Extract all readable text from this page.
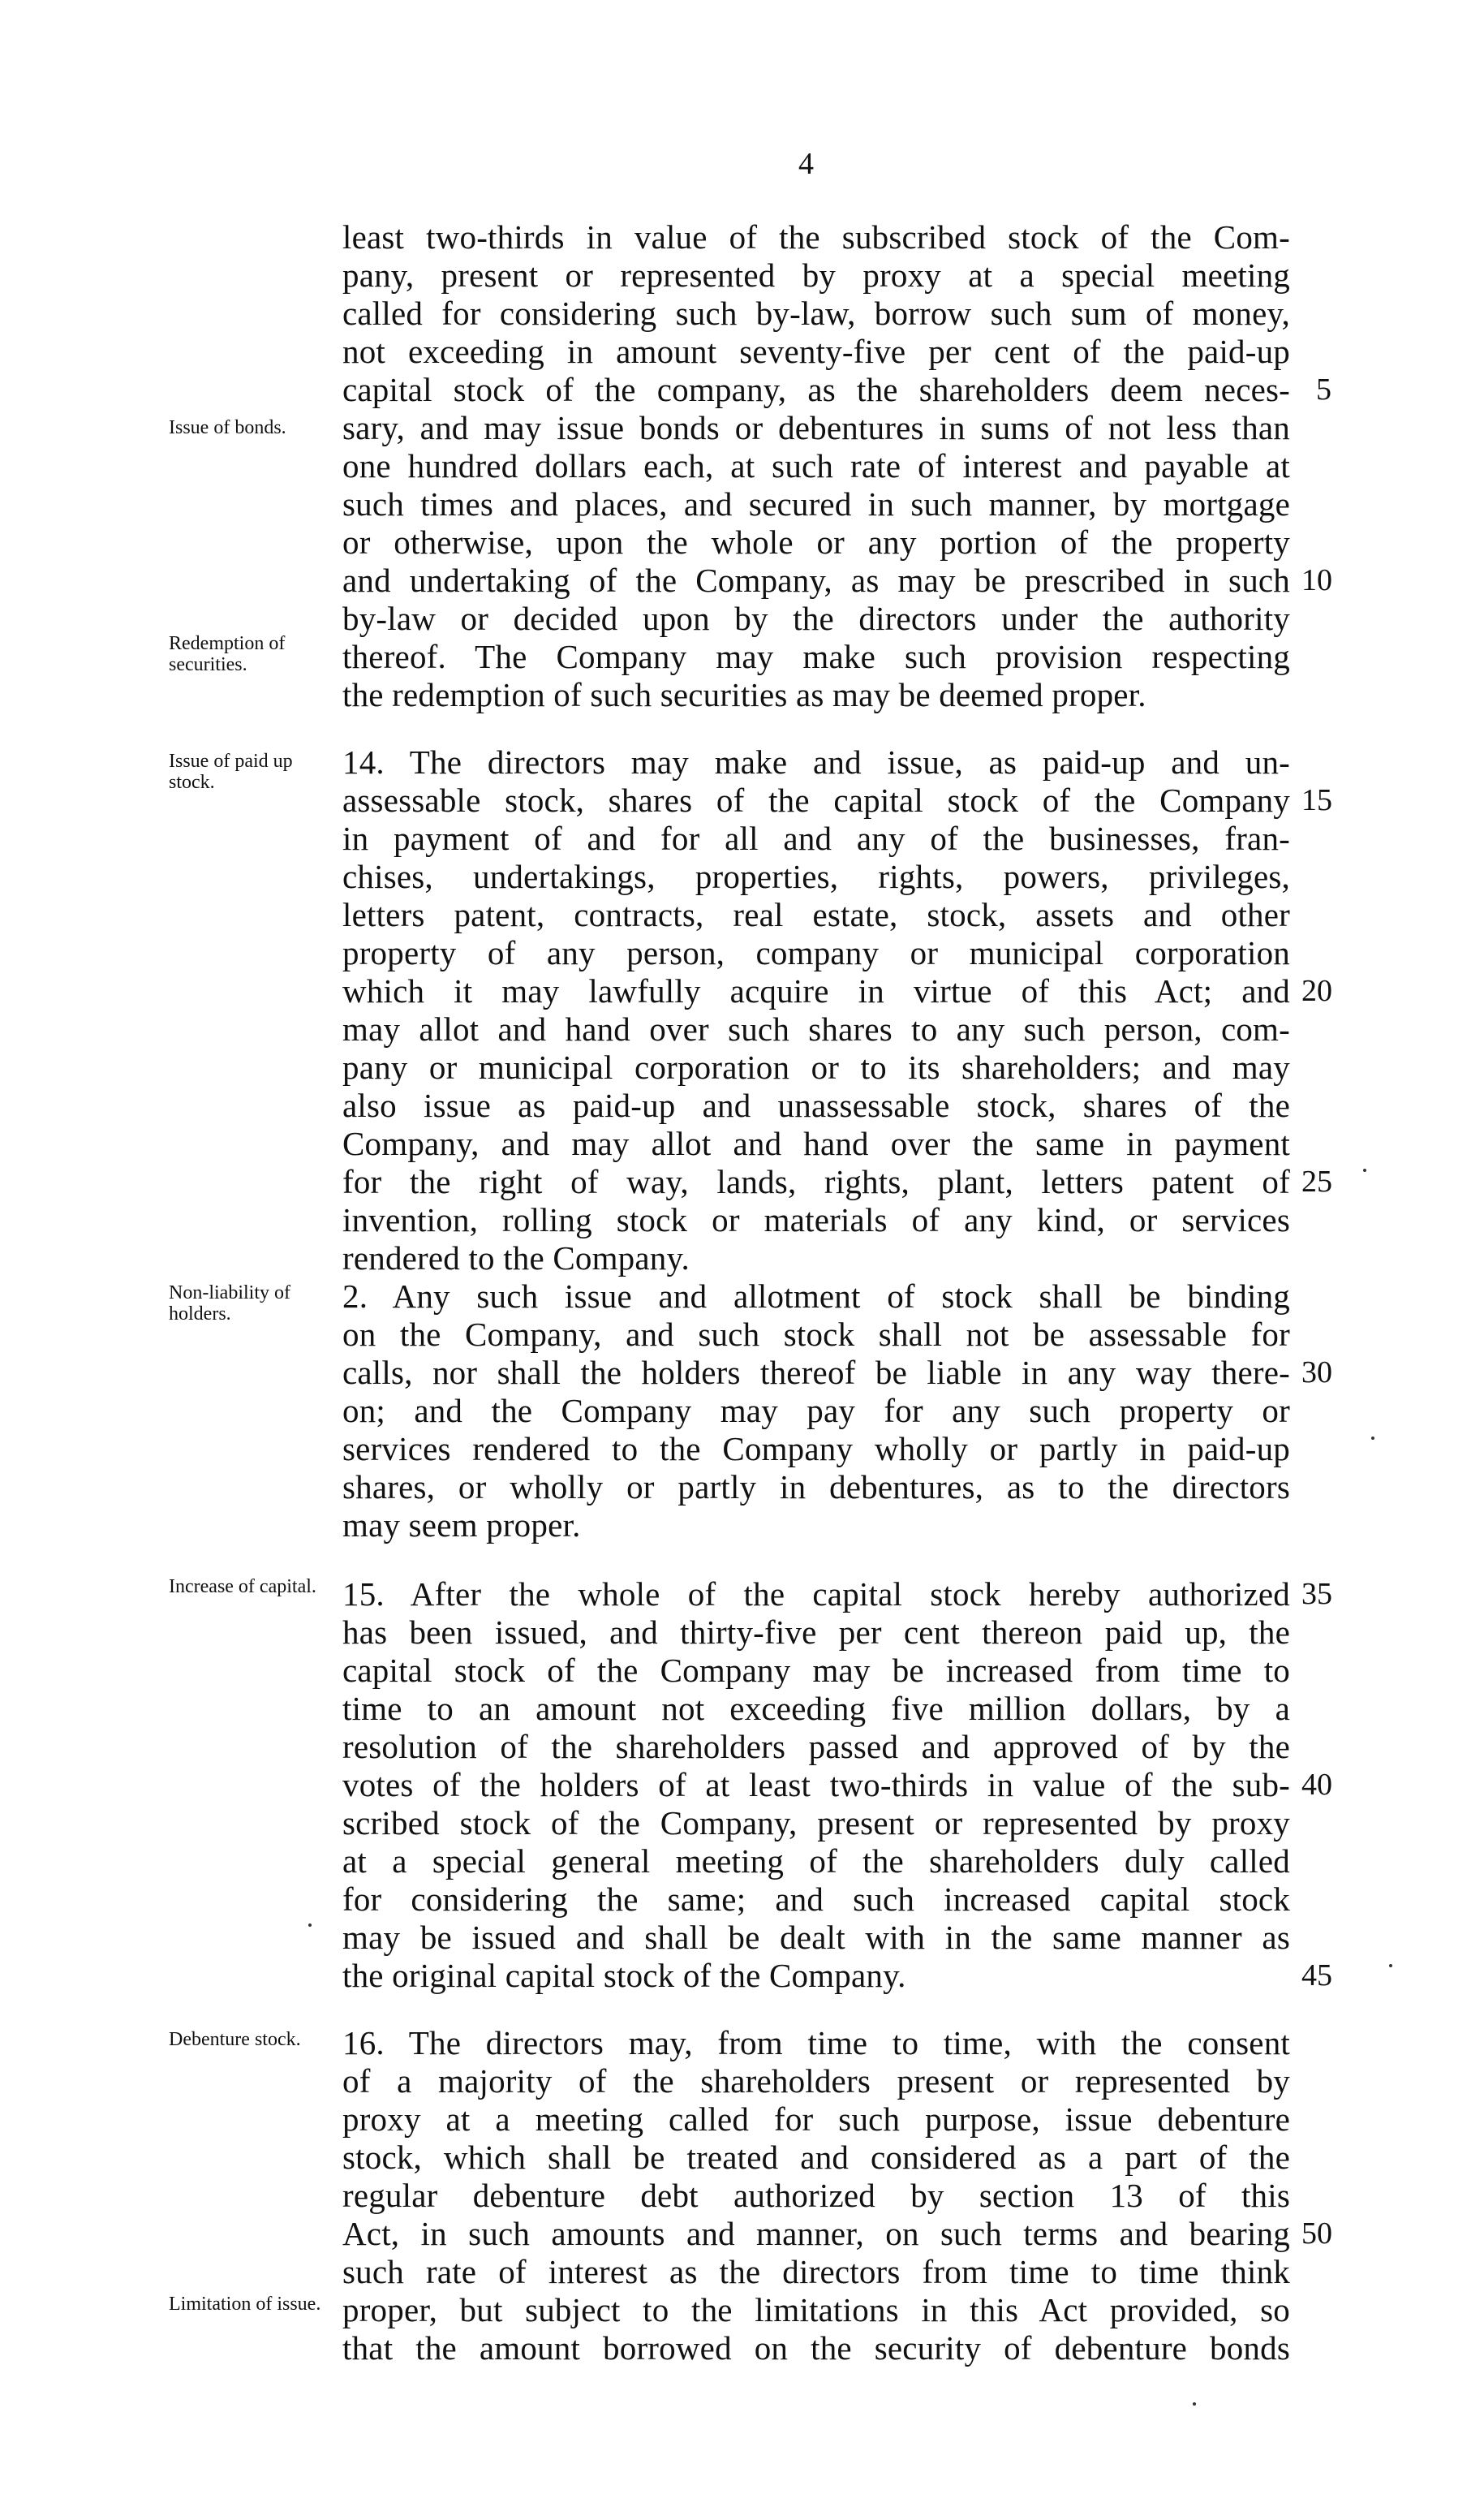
4
least two-thirds in value of the subscribed stock of the Com-
pany, present or represented by proxy at a special meeting
called for considering such by-law, borrow such sum of money,
not exceeding in amount seventy-five per cent of the paid-up
capital stock of the company, as the shareholders deem neces-
sary, and may issue bonds or debentures in sums of not less than
one hundred dollars each, at such rate of interest and payable at
such times and places, and secured in such manner, by mortgage
or otherwise, upon the whole or any portion of the property
and undertaking of the Company, as may be prescribed in such
by-law or decided upon by the directors under the authority
thereof. The Company may make such provision respecting
the redemption of such securities as may be deemed proper.
14. The directors may make and issue, as paid-up and un-
assessable stock, shares of the capital stock of the Company
in payment of and for all and any of the businesses, fran-
chises, undertakings, properties, rights, powers, privileges,
letters patent, contracts, real estate, stock, assets and other
property of any person, company or municipal corporation
which it may lawfully acquire in virtue of this Act; and
may allot and hand over such shares to any such person, com-
pany or municipal corporation or to its shareholders; and may
also issue as paid-up and unassessable stock, shares of the
Company, and may allot and hand over the same in payment
for the right of way, lands, rights, plant, letters patent of
invention, rolling stock or materials of any kind, or services
rendered to the Company.
2. Any such issue and allotment of stock shall be binding
on the Company, and such stock shall not be assessable for
calls, nor shall the holders thereof be liable in any way there-
on; and the Company may pay for any such property or
services rendered to the Company wholly or partly in paid-up
shares, or wholly or partly in debentures, as to the directors
may seem proper.
15. After the whole of the capital stock hereby authorized
has been issued, and thirty-five per cent thereon paid up, the
capital stock of the Company may be increased from time to
time to an amount not exceeding five million dollars, by a
resolution of the shareholders passed and approved of by the
votes of the holders of at least two-thirds in value of the sub-
scribed stock of the Company, present or represented by proxy
at a special general meeting of the shareholders duly called
for considering the same; and such increased capital stock
may be issued and shall be dealt with in the same manner as
the original capital stock of the Company.
16. The directors may, from time to time, with the consent
of a majority of the shareholders present or represented by
proxy at a meeting called for such purpose, issue debenture
stock, which shall be treated and considered as a part of the
regular debenture debt authorized by section 13 of this
Act, in such amounts and manner, on such terms and bearing
such rate of interest as the directors from time to time think
proper, but subject to the limitations in this Act provided, so
that the amount borrowed on the security of debenture bonds
5
10
15
20
25
30
35
40
45
50
Issue of bonds.
Redemption of securities.
Issue of paid up stock.
Non-liability of holders.
Increase of capital.
Debenture stock.
Limitation of issue.
